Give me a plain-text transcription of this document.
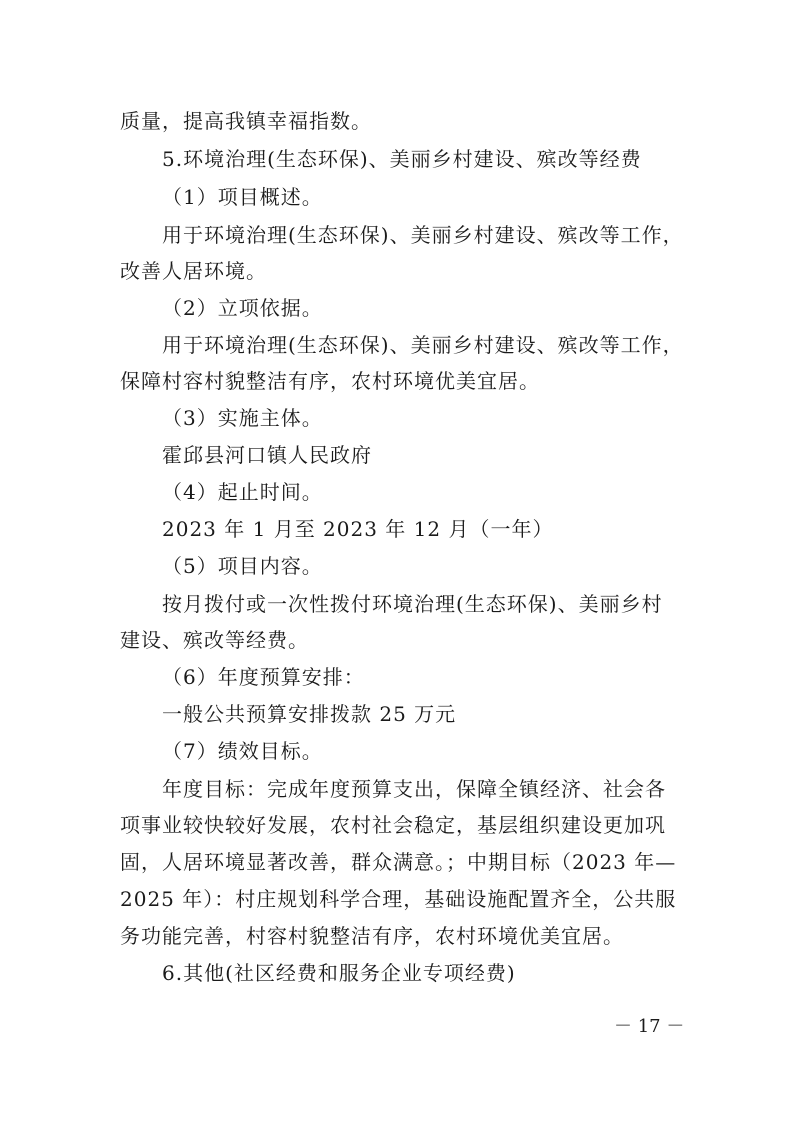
质量，提高我镇幸福指数。
5.环境治理(生态环保)、美丽乡村建设、殡改等经费
（1）项目概述。
用于环境治理(生态环保)、美丽乡村建设、殡改等工作，
改善人居环境。
（2）立项依据。
用于环境治理(生态环保)、美丽乡村建设、殡改等工作，
保障村容村貌整洁有序，农村环境优美宜居。
（3）实施主体。
霍邱县河口镇人民政府
（4）起止时间。
2023 年 1 月至 2023 年 12 月（一年）
（5）项目内容。
按月拨付或一次性拨付环境治理(生态环保)、美丽乡村
建设、殡改等经费。
（6）年度预算安排：
一般公共预算安排拨款 25 万元
（7）绩效目标。
年度目标：完成年度预算支出，保障全镇经济、社会各
项事业较快较好发展，农村社会稳定，基层组织建设更加巩
固，人居环境显著改善，群众满意。；中期目标（2023 年—
2025 年）：村庄规划科学合理，基础设施配置齐全，公共服
务功能完善，村容村貌整洁有序，农村环境优美宜居。
6.其他(社区经费和服务企业专项经费)
－ 17 －
